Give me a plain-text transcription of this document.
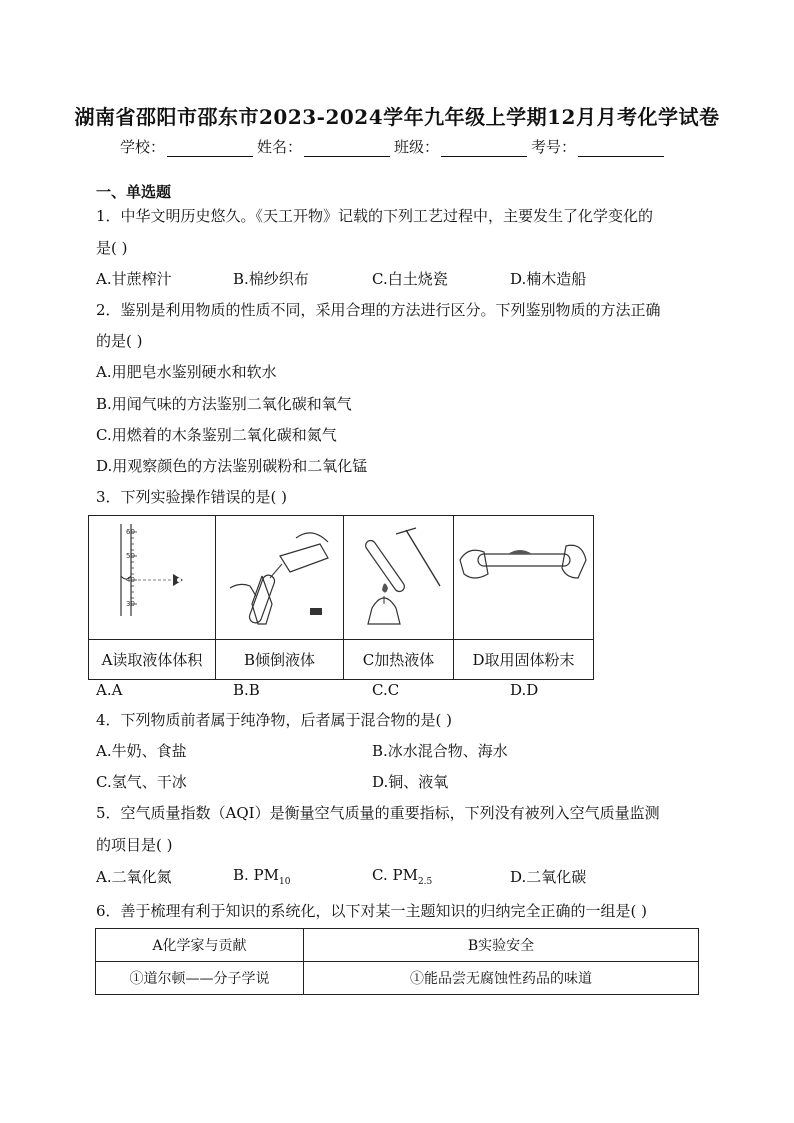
湖南省邵阳市邵东市2023-2024学年九年级上学期12月月考化学试卷
学校：	姓名：	班级：	考号：
一、单选题
1．中华文明历史悠久。《天工开物》记载的下列工艺过程中，主要发生了化学变化的
是( )
A.甘蔗榨汁	B.棉纱织布	C.白土烧瓷	D.楠木造船
2．鉴别是利用物质的性质不同，采用合理的方法进行区分。下列鉴别物质的方法正确
的是( )
A.用肥皂水鉴别硬水和软水
B.用闻气味的方法鉴别二氧化碳和氧气
C.用燃着的木条鉴别二氧化碳和氮气
D.用观察颜色的方法鉴别碳粉和二氧化锰
3．下列实验操作错误的是( )
60
50
40
30

A读取液体体积	B倾倒液体	C加热液体	D取用固体粉末
A.A	B.B	C.C	D.D
4．下列物质前者属于纯净物，后者属于混合物的是( )
A.牛奶、食盐	B.冰水混合物、海水
C.氢气、干冰	D.铜、液氧
5．空气质量指数（AQI）是衡量空气质量的重要指标，下列没有被列入空气质量监测
的项目是( )
A.二氧化氮	B. $PM_{10}$	C. $PM_{2.5}$	D.二氧化碳
6．善于梳理有利于知识的系统化，以下对某一主题知识的归纳完全正确的一组是( )
A化学家与贡献	B实验安全
①道尔顿——分子学说	①能品尝无腐蚀性药品的味道
